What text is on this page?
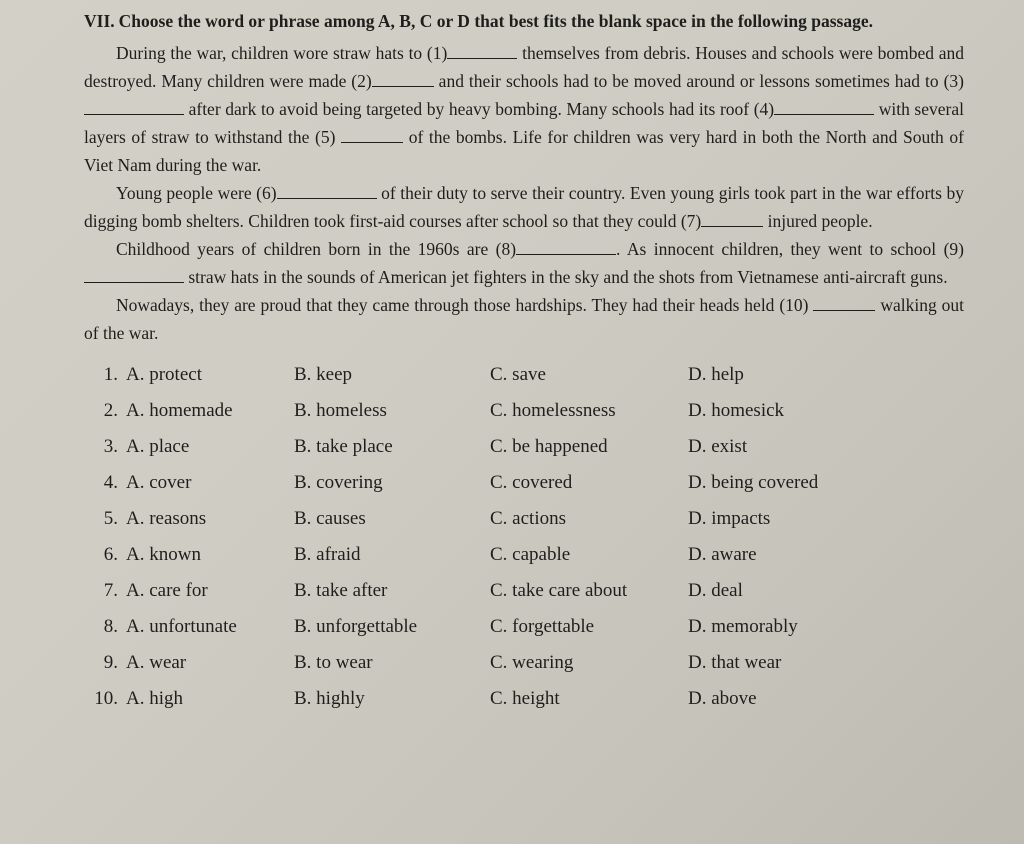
VII. Choose the word or phrase among A, B, C or D that best fits the blank space in the following passage.

During the war, children wore straw hats to (1)	themselves from debris. Houses and schools were bombed and destroyed. Many children were made (2)	and their schools had to be moved around or lessons sometimes had to (3) after dark to avoid being targeted by heavy bombing. Many schools had its roof (4)	with several layers of straw to withstand the (5)	of the bombs. Life for children was very hard in both the North and South of Viet Nam during the war.

Young people were (6)	of their duty to serve their country. Even young girls took part in the war efforts by digging bomb shelters. Children took first-aid courses after school so that they could (7)	injured people.

Childhood years of children born in the 1960s are (8)	. As innocent children, they went to school (9) straw hats in the sounds of American jet fighters in the sky and the shots from Vietnamese anti-aircraft guns.

Nowadays, they are proud that they came through those hardships. They had their heads held (10)	walking out of the war.

1. A. protect	B. keep	C. save	D. help
2. A. homemade	B. homeless	C. homelessness	D. homesick
3. A. place	B. take place	C. be happened	D. exist
4. A. cover	B. covering	C. covered	D. being covered
5. A. reasons	B. causes	C. actions	D. impacts
6. A. known	B. afraid	C. capable	D. aware
7. A. care for	B. take after	C. take care about	D. deal
8. A. unfortunate	B. unforgettable	C. forgettable	D. memorably
9. A. wear	B. to wear	C. wearing	D. that wear
10. A. high	B. highly	C. height	D. above
